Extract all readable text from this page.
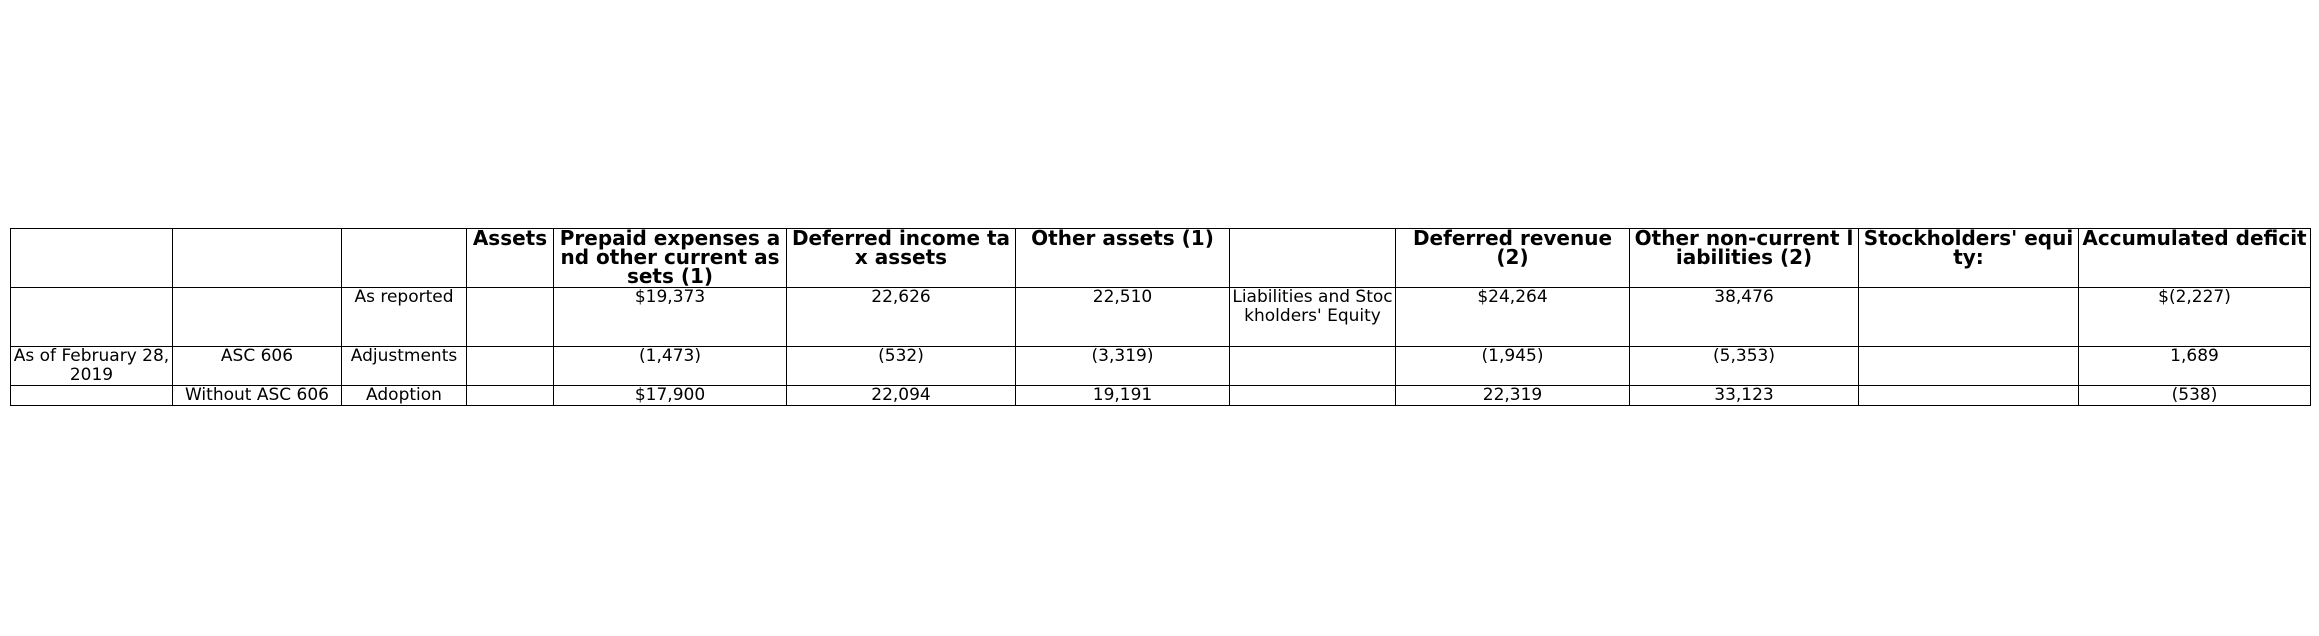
			Assets	Prepaid expenses and other current assets (1)	Deferred income tax assets	Other assets (1)		Deferred revenue (2)	Other non-current liabilities (2)	Stockholders' equity:	Accumulated deficit
		As reported		$19,373	22,626	22,510	Liabilities and Stockholders' Equity	$24,264	38,476		$(2,227)
As of February 28, 2019	ASC 606	Adjustments		(1,473)	(532)	(3,319)		(1,945)	(5,353)		1,689
	Without ASC 606	Adoption		$17,900	22,094	19,191		22,319	33,123		(538)
